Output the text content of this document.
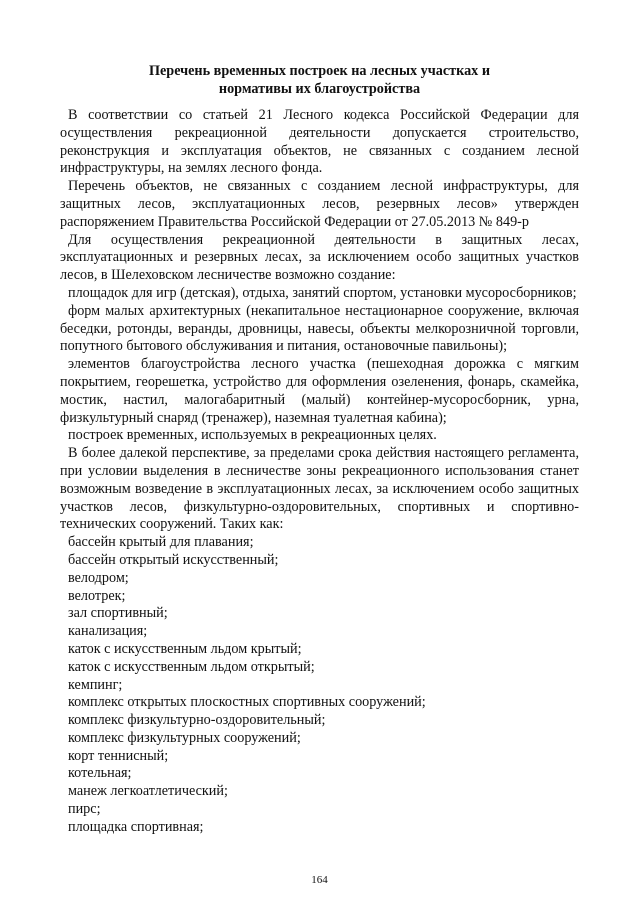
Перечень временных построек на лесных участках и
нормативы их благоустройства

В соответствии со статьей 21 Лесного кодекса Российской Федерации для осуществления рекреационной деятельности допускается строительство, реконструкция и эксплуатация объектов, не связанных с созданием лесной инфраструктуры, на землях лесного фонда.

Перечень объектов, не связанных с созданием лесной инфраструктуры, для защитных лесов, эксплуатационных лесов, резервных лесов» утвержден распоряжением Правительства Российской Федерации от 27.05.2013 № 849-р

Для осуществления рекреационной деятельности в защитных лесах, эксплуатационных и резервных лесах, за исключением особо защитных участков лесов, в Шелеховском лесничестве возможно создание:

площадок для игр (детская), отдыха, занятий спортом, установки мусоросборников;

форм малых архитектурных (некапитальное нестационарное сооружение, включая беседки, ротонды, веранды, дровницы, навесы, объекты мелкорозничной торговли, попутного бытового обслуживания и питания, остановочные павильоны);

элементов благоустройства лесного участка (пешеходная дорожка с мягким покрытием, георешетка, устройство для оформления озеленения, фонарь, скамейка, мостик, настил, малогабаритный (малый) контейнер-мусоросборник, урна, физкультурный снаряд (тренажер), наземная туалетная кабина);

построек временных, используемых в рекреационных целях.

В более далекой перспективе, за пределами срока действия настоящего регламента, при условии выделения в лесничестве зоны рекреационного использования станет возможным возведение в эксплуатационных лесах, за исключением особо защитных участков лесов, физкультурно-оздоровительных, спортивных и спортивно-технических сооружений. Таких как:

бассейн крытый для плавания;
бассейн открытый искусственный;
велодром;
велотрек;
зал спортивный;
канализация;
каток с искусственным льдом крытый;
каток с искусственным льдом открытый;
кемпинг;
комплекс открытых плоскостных спортивных сооружений;
комплекс физкультурно-оздоровительный;
комплекс физкультурных сооружений;
корт теннисный;
котельная;
манеж легкоатлетический;
пирс;
площадка спортивная;
164
